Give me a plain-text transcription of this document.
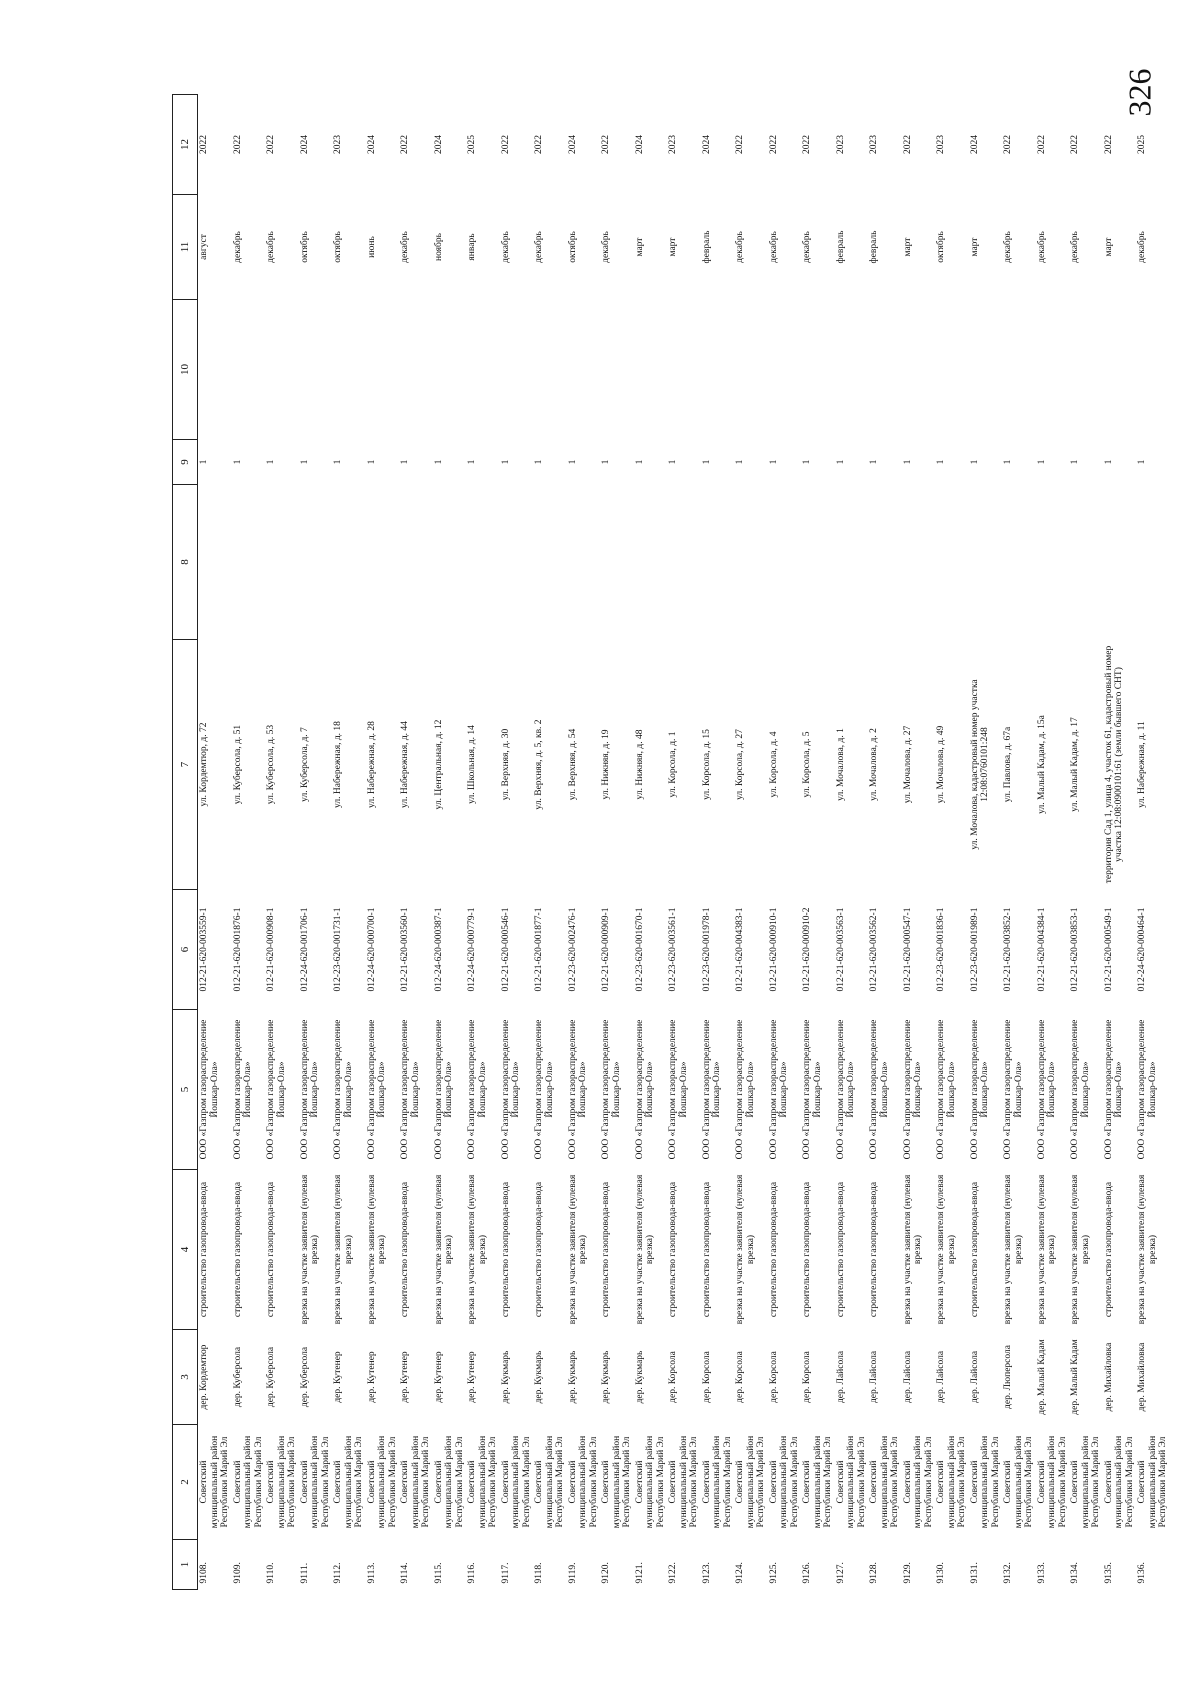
326
1	2	3	4	5	6	7	8	9	10	11	12
9108.	Советский муниципальный район Республики Марий Эл	дер. Кордемтюр	строительство газопровода-ввода	ООО «Газпром газораспределение Йошкар-Ола»	012-21-620-003559-1	ул. Кордемтюр, д. 72		1		август	2022
9109.	Советский муниципальный район Республики Марий Эл	дер. Куберсола	строительство газопровода-ввода	ООО «Газпром газораспределение Йошкар-Ола»	012-21-620-001876-1	ул. Куберсола, д. 51		1		декабрь	2022
9110.	Советский муниципальный район Республики Марий Эл	дер. Куберсола	строительство газопровода-ввода	ООО «Газпром газораспределение Йошкар-Ола»	012-21-620-000908-1	ул. Куберсола, д. 53		1		декабрь	2022
9111.	Советский муниципальный район Республики Марий Эл	дер. Куберсола	врезка на участке заявителя (нулевая врезка)	ООО «Газпром газораспределение Йошкар-Ола»	012-24-620-001706-1	ул. Куберсола, д. 7		1		октябрь	2024
9112.	Советский муниципальный район Республики Марий Эл	дер. Кутенер	врезка на участке заявителя (нулевая врезка)	ООО «Газпром газораспределение Йошкар-Ола»	012-23-620-001731-1	ул. Набережная, д. 18		1		октябрь	2023
9113.	Советский муниципальный район Республики Марий Эл	дер. Кутенер	врезка на участке заявителя (нулевая врезка)	ООО «Газпром газораспределение Йошкар-Ола»	012-24-620-000700-1	ул. Набережная, д. 28		1		июнь	2024
9114.	Советский муниципальный район Республики Марий Эл	дер. Кутенер	строительство газопровода-ввода	ООО «Газпром газораспределение Йошкар-Ола»	012-21-620-003560-1	ул. Набережная, д. 44		1		декабрь	2022
9115.	Советский муниципальный район Республики Марий Эл	дер. Кутенер	врезка на участке заявителя (нулевая врезка)	ООО «Газпром газораспределение Йошкар-Ола»	012-24-620-000387-1	ул. Центральная, д. 12		1		ноябрь	2024
9116.	Советский муниципальный район Республики Марий Эл	дер. Кутенер	врезка на участке заявителя (нулевая врезка)	ООО «Газпром газораспределение Йошкар-Ола»	012-24-620-000779-1	ул. Школьная, д. 14		1		январь	2025
9117.	Советский муниципальный район Республики Марий Эл	дер. Кукмарь	строительство газопровода-ввода	ООО «Газпром газораспределение Йошкар-Ола»	012-21-620-000546-1	ул. Верхняя, д. 30		1		декабрь	2022
9118.	Советский муниципальный район Республики Марий Эл	дер. Кукмарь	строительство газопровода-ввода	ООО «Газпром газораспределение Йошкар-Ола»	012-21-620-001877-1	ул. Верхняя, д. 5, кв. 2		1		декабрь	2022
9119.	Советский муниципальный район Республики Марий Эл	дер. Кукмарь	врезка на участке заявителя (нулевая врезка)	ООО «Газпром газораспределение Йошкар-Ола»	012-23-620-002476-1	ул. Верхняя, д. 54		1		октябрь	2024
9120.	Советский муниципальный район Республики Марий Эл	дер. Кукмарь	строительство газопровода-ввода	ООО «Газпром газораспределение Йошкар-Ола»	012-21-620-000909-1	ул. Нижняя, д. 19		1		декабрь	2022
9121.	Советский муниципальный район Республики Марий Эл	дер. Кукмарь	врезка на участке заявителя (нулевая врезка)	ООО «Газпром газораспределение Йошкар-Ола»	012-23-620-001670-1	ул. Нижняя, д. 48		1		март	2024
9122.	Советский муниципальный район Республики Марий Эл	дер. Корсола	строительство газопровода-ввода	ООО «Газпром газораспределение Йошкар-Ола»	012-23-620-003561-1	ул. Корсола, д. 1		1		март	2023
9123.	Советский муниципальный район Республики Марий Эл	дер. Корсола	строительство газопровода-ввода	ООО «Газпром газораспределение Йошкар-Ола»	012-23-620-001978-1	ул. Корсола, д. 15		1		февраль	2024
9124.	Советский муниципальный район Республики Марий Эл	дер. Корсола	врезка на участке заявителя (нулевая врезка)	ООО «Газпром газораспределение Йошкар-Ола»	012-21-620-004383-1	ул. Корсола, д. 27		1		декабрь	2022
9125.	Советский муниципальный район Республики Марий Эл	дер. Корсола	строительство газопровода-ввода	ООО «Газпром газораспределение Йошкар-Ола»	012-21-620-000910-1	ул. Корсола, д. 4		1		декабрь	2022
9126.	Советский муниципальный район Республики Марий Эл	дер. Корсола	строительство газопровода-ввода	ООО «Газпром газораспределение Йошкар-Ола»	012-21-620-000910-2	ул. Корсола, д. 5		1		декабрь	2022
9127.	Советский муниципальный район Республики Марий Эл	дер. Лайсола	строительство газопровода-ввода	ООО «Газпром газораспределение Йошкар-Ола»	012-21-620-003563-1	ул. Мочалова, д. 1		1		февраль	2023
9128.	Советский муниципальный район Республики Марий Эл	дер. Лайсола	строительство газопровода-ввода	ООО «Газпром газораспределение Йошкар-Ола»	012-21-620-003562-1	ул. Мочалова, д. 2		1		февраль	2023
9129.	Советский муниципальный район Республики Марий Эл	дер. Лайсола	врезка на участке заявителя (нулевая врезка)	ООО «Газпром газораспределение Йошкар-Ола»	012-21-620-000547-1	ул. Мочалова, д. 27		1		март	2022
9130.	Советский муниципальный район Республики Марий Эл	дер. Лайсола	врезка на участке заявителя (нулевая врезка)	ООО «Газпром газораспределение Йошкар-Ола»	012-23-620-001836-1	ул. Мочалова, д. 49		1		октябрь	2023
9131.	Советский муниципальный район Республики Марий Эл	дер. Лайсола	строительство газопровода-ввода	ООО «Газпром газораспределение Йошкар-Ола»	012-23-620-001989-1	ул. Мочалова, кадастровый номер участка 12:08:0760101:248		1		март	2024
9132.	Советский муниципальный район Республики Марий Эл	дер. Люперсола	врезка на участке заявителя (нулевая врезка)	ООО «Газпром газораспределение Йошкар-Ола»	012-21-620-003852-1	ул. Павлова, д. 67а		1		декабрь	2022
9133.	Советский муниципальный район Республики Марий Эл	дер. Малый Кадам	врезка на участке заявителя (нулевая врезка)	ООО «Газпром газораспределение Йошкар-Ола»	012-21-620-004384-1	ул. Малый Кадам, д. 15а		1		декабрь	2022
9134.	Советский муниципальный район Республики Марий Эл	дер. Малый Кадам	врезка на участке заявителя (нулевая врезка)	ООО «Газпром газораспределение Йошкар-Ола»	012-21-620-003853-1	ул. Малый Кадам, д. 17		1		декабрь	2022
9135.	Советский муниципальный район Республики Марий Эл	дер. Михайловка	строительство газопровода-ввода	ООО «Газпром газораспределение Йошкар-Ола»	012-21-620-000549-1	территория Сад 1, улица 4, участок 61, кадастровый номер участка 12:08:0900101:61 (земли бывшего СНТ)		1		март	2022
9136.	Советский муниципальный район Республики Марий Эл	дер. Михайловка	врезка на участке заявителя (нулевая врезка)	ООО «Газпром газораспределение Йошкар-Ола»	012-24-620-000464-1	ул. Набережная, д. 11		1		декабрь	2025
